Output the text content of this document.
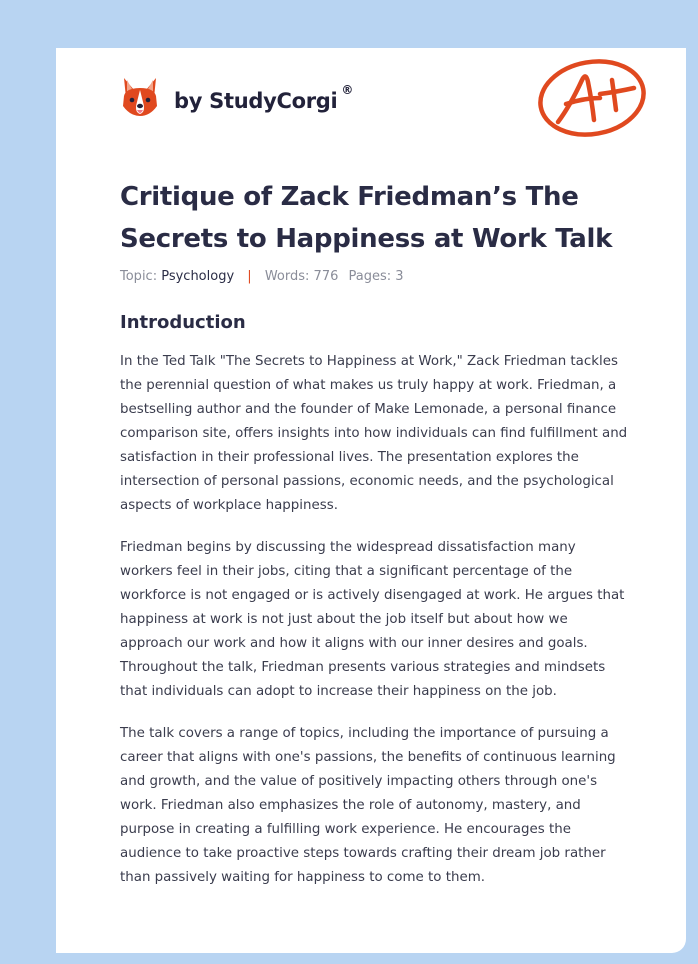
by StudyCorgi ®
Critique of Zack Friedman’s The Secrets to Happiness at Work Talk
Topic: Psychology | Words: 776 Pages: 3
Introduction

In the Ted Talk "The Secrets to Happiness at Work," Zack Friedman tackles the perennial question of what makes us truly happy at work. Friedman, a bestselling author and the founder of Make Lemonade, a personal finance comparison site, offers insights into how individuals can find fulfillment and satisfaction in their professional lives. The presentation explores the intersection of personal passions, economic needs, and the psychological aspects of workplace happiness.

Friedman begins by discussing the widespread dissatisfaction many workers feel in their jobs, citing that a significant percentage of the workforce is not engaged or is actively disengaged at work. He argues that happiness at work is not just about the job itself but about how we approach our work and how it aligns with our inner desires and goals. Throughout the talk, Friedman presents various strategies and mindsets that individuals can adopt to increase their happiness on the job.

The talk covers a range of topics, including the importance of pursuing a career that aligns with one's passions, the benefits of continuous learning and growth, and the value of positively impacting others through one's work. Friedman also emphasizes the role of autonomy, mastery, and purpose in creating a fulfilling work experience. He encourages the audience to take proactive steps towards crafting their dream job rather than passively waiting for happiness to come to them.
